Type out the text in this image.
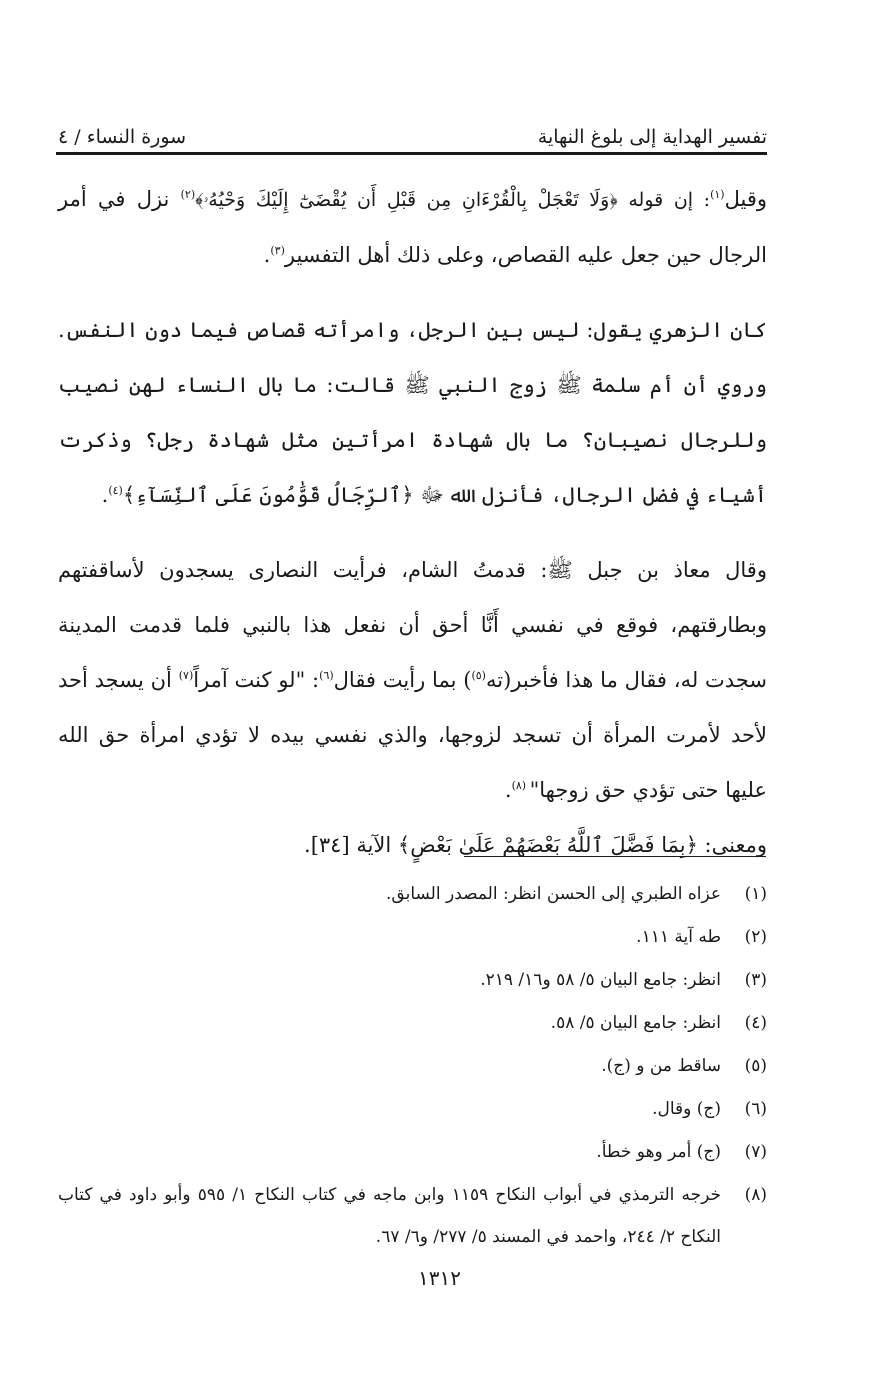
تفسير الهداية إلى بلوغ النهاية
سورة النساء / ٤

وقيل$^{(١)}$: إن قوله ﴿وَلَا تَعْجَلْ بِالْقُرْءَانِ مِن قَبْلِ أَن يُقْضَىٰٓ إِلَيْكَ وَحْيُهُۥ﴾$^{(٢)}$ نزل في أمر الرجال حين جعل عليه القصاص، وعلى ذلك أهل التفسير$^{(٣)}$.

كان الزهري يقول: ليس بين الرجل، وامرأته قصاص فيما دون النفس. وروي أن أم سلمة ﷺ زوج النبي ﷺ قالت: ما بال النساء لهن نصيب وللرجال نصيبان؟ ما بال شهادة امرأتين مثل شهادة رجل؟ وذكرت أشياء في فضل الرجال، فأنزل الله ﷻ ﴿ٱلرِّجَالُ قَوَّٰمُونَ عَلَى ٱلنِّسَآءِ﴾$^{(٤)}$.

وقال معاذ بن جبل ﷺ: قدمتُ الشام، فرأيت النصارى يسجدون لأساقفتهم وبطارقتهم، فوقع في نفسي أَنَّا أحق أن نفعل هذا بالنبي فلما قدمت المدينة سجدت له، فقال ما هذا فأخبر(ته$^{(٥)}$) بما رأيت فقال$^{(٦)}$: "لو كنت آمراً$^{(٧)}$ أن يسجد أحد لأحد لأمرت المرأة أن تسجد لزوجها، والذي نفسي بيده لا تؤدي امرأة حق الله عليها حتى تؤدي حق زوجها" $^{(٨)}$.

ومعنى: ﴿بِمَا فَضَّلَ ٱللَّهُ بَعْضَهُمْ عَلَىٰ بَعْضٍ﴾ الآية [٣٤].

(١)
عزاه الطبري إلى الحسن انظر: المصدر السابق.
(٢)
طه آية ١١١.
(٣)
انظر: جامع البيان ٥/ ٥٨ و١٦/ ٢١٩.
(٤)
انظر: جامع البيان ٥/ ٥٨.
(٥)
ساقط من و (ج).
(٦)
(ج) وقال.
(٧)
(ج) أمر وهو خطأ.
(٨)
خرجه الترمذي في أبواب النكاح ١١٥٩ وابن ماجه في كتاب النكاح ١/ ٥٩٥ وأبو داود في كتاب النكاح ٢/ ٢٤٤، واحمد في المسند ٥/ ٢٧٧/ و٦/ ٦٧.
١٣١٢
